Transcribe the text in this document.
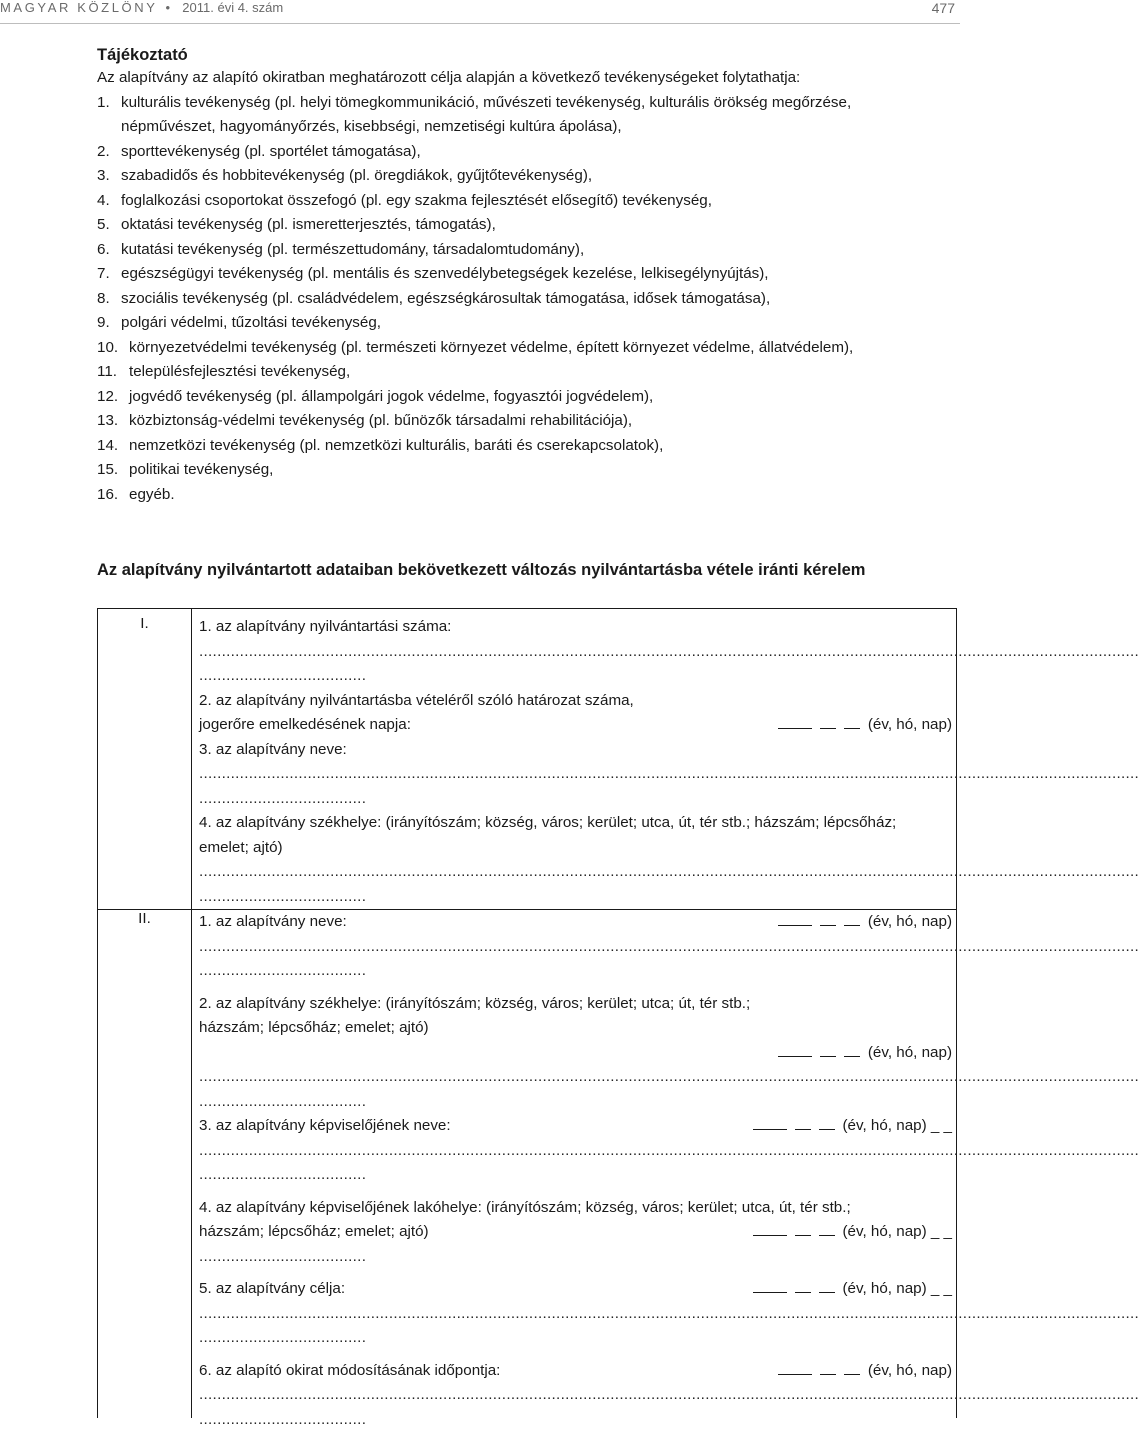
MAGYAR KÖZLÖNY • 2011. évi 4. szám	477
Tájékoztató
Az alapítvány az alapító okiratban meghatározott célja alapján a következő tevékenységeket folytathatja:
1. kulturális tevékenység (pl. helyi tömegkommunikáció, művészeti tevékenység, kulturális örökség megőrzése,
népművészet, hagyományőrzés, kisebbségi, nemzetiségi kultúra ápolása),
2. sporttevékenység (pl. sportélet támogatása),
3. szabadidős és hobbitevékenység (pl. öregdiákok, gyűjtőtevékenység),
4. foglalkozási csoportokat összefogó (pl. egy szakma fejlesztését elősegítő) tevékenység,
5. oktatási tevékenység (pl. ismeretterjesztés, támogatás),
6. kutatási tevékenység (pl. természettudomány, társadalomtudomány),
7. egészségügyi tevékenység (pl. mentális és szenvedélybetegségek kezelése, lelkisegélynyújtás),
8. szociális tevékenység (pl. családvédelem, egészségkárosultak támogatása, idősek támogatása),
9. polgári védelmi, tűzoltási tevékenység,
10. környezetvédelmi tevékenység (pl. természeti környezet védelme, épített környezet védelme, állatvédelem),
11. településfejlesztési tevékenység,
12. jogvédő tevékenység (pl. állampolgári jogok védelme, fogyasztói jogvédelem),
13. közbiztonság-védelmi tevékenység (pl. bűnözők társadalmi rehabilitációja),
14. nemzetközi tevékenység (pl. nemzetközi kulturális, baráti és cserekapcsolatok),
15. politikai tevékenység,
16. egyéb.
Az alapítvány nyilvántartott adataiban bekövetkezett változás nyilvántartásba vétele iránti kérelem
I.	1. az alapítvány nyilvántartási száma:
................................................................................................................................................................................................................
.....................................
2. az alapítvány nyilvántartásba vételéről szóló határozat száma,
jogerőre emelkedésének napja:	(év, hó, nap)
3. az alapítvány neve:
................................................................................................................................................................................................................
.....................................
4. az alapítvány székhelye: (irányítószám; község, város; kerület; utca, út, tér stb.; házszám; lépcsőház;
emelet; ajtó)
................................................................................................................................................................................................................
.....................................
II.	1. az alapítvány neve:	(év, hó, nap)
................................................................................................................................................................................................................
.....................................
2. az alapítvány székhelye: (irányítószám; község, város; kerület; utca; út, tér stb.;
házszám; lépcsőház; emelet; ajtó)
(év, hó, nap)
................................................................................................................................................................................................................
.....................................
3. az alapítvány képviselőjének neve:	(év, hó, nap) _ _
................................................................................................................................................................................................................
.....................................
4. az alapítvány képviselőjének lakóhelye: (irányítószám; község, város; kerület; utca, út, tér stb.;
házszám; lépcsőház; emelet; ajtó)	(év, hó, nap) _ _
.....................................
5. az alapítvány célja:	(év, hó, nap) _ _
................................................................................................................................................................................................................
.....................................
6. az alapító okirat módosításának időpontja:	(év, hó, nap)
................................................................................................................................................................................................................
.....................................
